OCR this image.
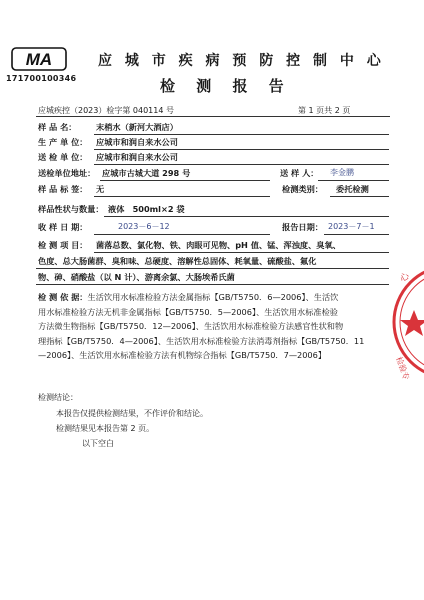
MA
171700100346
应 城 市 疾 病 预 防 控 制 中 心
检 测 报 告
应城疾控（2023）检字第 040114 号	第 1 页共 2 页
样 品 名： 末梢水（新河大酒店）
生 产 单 位： 应城市和润自来水公司
送 检 单 位： 应城市和润自来水公司
送检单位地址： 应城市古城大道 298 号	送 样 人： 李金鹏
样 品 标 签： 无	检测类别： 委托检测
样品性状与数量： 液体　500ml×2 袋
收 样 日 期：	2023－6－12	报告日期： 2023－7－1
检 测 项 目： 菌落总数、氯化物、铁、肉眼可见物、pH 值、锰、浑浊度、臭氧、
色度、总大肠菌群、臭和味、总硬度、溶解性总固体、耗氧量、硫酸盐、氟化
物、砷、硝酸盐（以 N 计）、游离余氯、大肠埃希氏菌
检 测 依 据：生活饮用水标准检验方法金属指标【GB/T5750．6—2006】、生活饮
用水标准检验方法无机非金属指标【GB/T5750．5—2006】、生活饮用水标准检验
方法微生物指标【GB/T5750．12—2006】、生活饮用水标准检验方法感官性状和物
理指标【GB/T5750．4—2006】、生活饮用水标准检验方法消毒剂指标【GB/T5750．11
—2006】、生活饮用水标准检验方法有机物综合指标【GB/T5750．7—2006】
检测结论：
本报告仅提供检测结果，不作评价和结论。
检测结果见本报告第 2 页。
以下空白
心
检验专
